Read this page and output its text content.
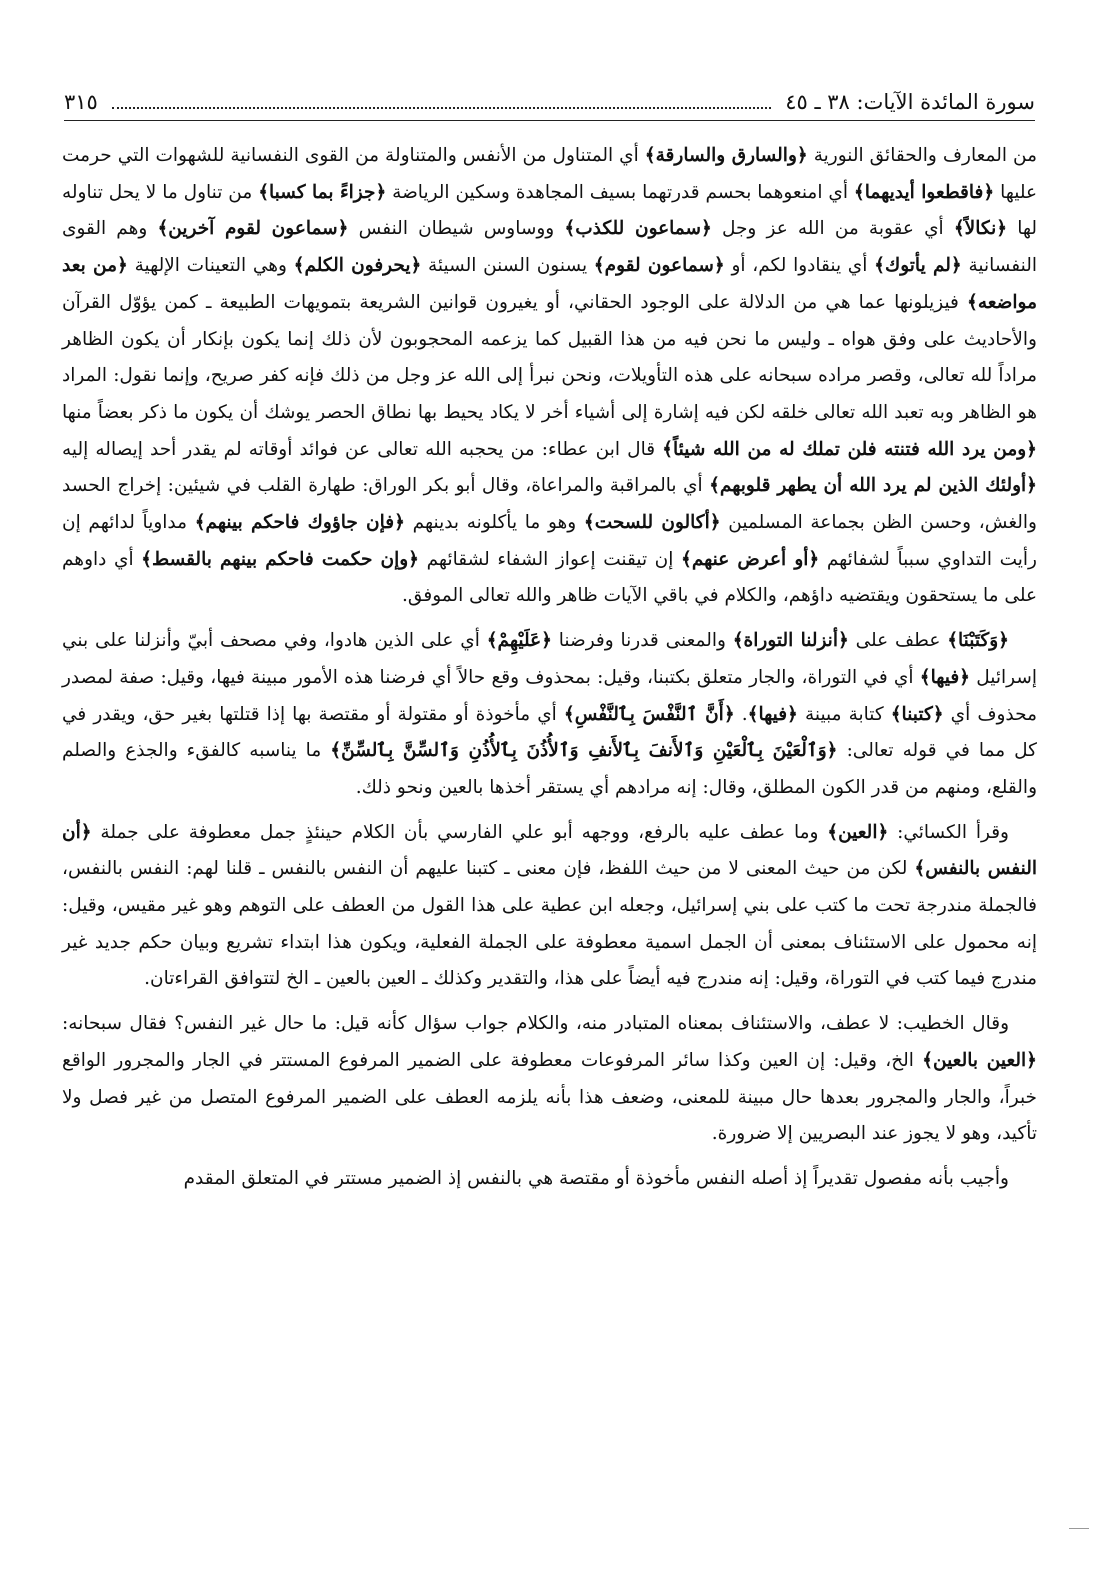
سورة المائدة الآيات: ٣٨ ـ ٤٥
٣١٥

من المعارف والحقائق النورية ﴿والسارق والسارقة﴾ أي المتناول من الأنفس والمتناولة من القوى النفسانية للشهوات التي حرمت عليها ﴿فاقطعوا أيديهما﴾ أي امنعوهما بحسم قدرتهما بسيف المجاهدة وسكين الرياضة ﴿جزاءً بما كسبا﴾ من تناول ما لا يحل تناوله لها ﴿نكالاً﴾ أي عقوبة من الله عز وجل ﴿سماعون للكذب﴾ ووساوس شيطان النفس ﴿سماعون لقوم آخرين﴾ وهم القوى النفسانية ﴿لم يأتوك﴾ أي ينقادوا لكم، أو ﴿سماعون لقوم﴾ يسنون السنن السيئة ﴿يحرفون الكلم﴾ وهي التعينات الإلهية ﴿من بعد مواضعه﴾ فيزيلونها عما هي من الدلالة على الوجود الحقاني، أو يغيرون قوانين الشريعة بتمويهات الطبيعة ـ كمن يؤوّل القرآن والأحاديث على وفق هواه ـ وليس ما نحن فيه من هذا القبيل كما يزعمه المحجوبون لأن ذلك إنما يكون بإنكار أن يكون الظاهر مراداً لله تعالى، وقصر مراده سبحانه على هذه التأويلات، ونحن نبرأ إلى الله عز وجل من ذلك فإنه كفر صريح، وإنما نقول: المراد هو الظاهر وبه تعبد الله تعالى خلقه لكن فيه إشارة إلى أشياء أخر لا يكاد يحيط بها نطاق الحصر يوشك أن يكون ما ذكر بعضاً منها ﴿ومن يرد الله فتنته فلن تملك له من الله شيئاً﴾ قال ابن عطاء: من يحجبه الله تعالى عن فوائد أوقاته لم يقدر أحد إيصاله إليه ﴿أولئك الذين لم يرد الله أن يطهر قلوبهم﴾ أي بالمراقبة والمراعاة، وقال أبو بكر الوراق: طهارة القلب في شيئين: إخراج الحسد والغش، وحسن الظن بجماعة المسلمين ﴿أكالون للسحت﴾ وهو ما يأكلونه بدينهم ﴿فإن جاؤوك فاحكم بينهم﴾ مداوياً لدائهم إن رأيت التداوي سبباً لشفائهم ﴿أو أعرض عنهم﴾ إن تيقنت إعواز الشفاء لشقائهم ﴿وإن حكمت فاحكم بينهم بالقسط﴾ أي داوهم على ما يستحقون ويقتضيه داؤهم، والكلام في باقي الآيات ظاهر والله تعالى الموفق.

﴿وَكَتَبْنَا﴾ عطف على ﴿أنزلنا التوراة﴾ والمعنى قدرنا وفرضنا ﴿عَلَيْهِمْ﴾ أي على الذين هادوا، وفي مصحف أبيّ وأنزلنا على بني إسرائيل ﴿فيها﴾ أي في التوراة، والجار متعلق بكتبنا، وقيل: بمحذوف وقع حالاً أي فرضنا هذه الأمور مبينة فيها، وقيل: صفة لمصدر محذوف أي ﴿كتبنا﴾ كتابة مبينة ﴿فيها﴾. ﴿أَنَّ ٱلنَّفْسَ بِٱلنَّفْسِ﴾ أي مأخوذة أو مقتولة أو مقتصة بها إذا قتلتها بغير حق، ويقدر في كل مما في قوله تعالى: ﴿وَٱلْعَيْنَ بِٱلْعَيْنِ وَٱلأَنفَ بِٱلأَنفِ وَٱلأُذُنَ بِٱلأُذُنِ وَٱلسِّنَّ بِٱلسِّنِّ﴾ ما يناسبه كالفقء والجذع والصلم والقلع، ومنهم من قدر الكون المطلق، وقال: إنه مرادهم أي يستقر أخذها بالعين ونحو ذلك.

وقرأ الكسائي: ﴿العين﴾ وما عطف عليه بالرفع، ووجهه أبو علي الفارسي بأن الكلام حينئذٍ جمل معطوفة على جملة ﴿أن النفس بالنفس﴾ لكن من حيث المعنى لا من حيث اللفظ، فإن معنى ـ كتبنا عليهم أن النفس بالنفس ـ قلنا لهم: النفس بالنفس، فالجملة مندرجة تحت ما كتب على بني إسرائيل، وجعله ابن عطية على هذا القول من العطف على التوهم وهو غير مقيس، وقيل: إنه محمول على الاستئناف بمعنى أن الجمل اسمية معطوفة على الجملة الفعلية، ويكون هذا ابتداء تشريع وبيان حكم جديد غير مندرج فيما كتب في التوراة، وقيل: إنه مندرج فيه أيضاً على هذا، والتقدير وكذلك ـ العين بالعين ـ الخ لتتوافق القراءتان.

وقال الخطيب: لا عطف، والاستئناف بمعناه المتبادر منه، والكلام جواب سؤال كأنه قيل: ما حال غير النفس؟ فقال سبحانه: ﴿العين بالعين﴾ الخ، وقيل: إن العين وكذا سائر المرفوعات معطوفة على الضمير المرفوع المستتر في الجار والمجرور الواقع خبراً، والجار والمجرور بعدها حال مبينة للمعنى، وضعف هذا بأنه يلزمه العطف على الضمير المرفوع المتصل من غير فصل ولا تأكيد، وهو لا يجوز عند البصريين إلا ضرورة.

وأجيب بأنه مفصول تقديراً إذ أصله النفس مأخوذة أو مقتصة هي بالنفس إذ الضمير مستتر في المتعلق المقدم
